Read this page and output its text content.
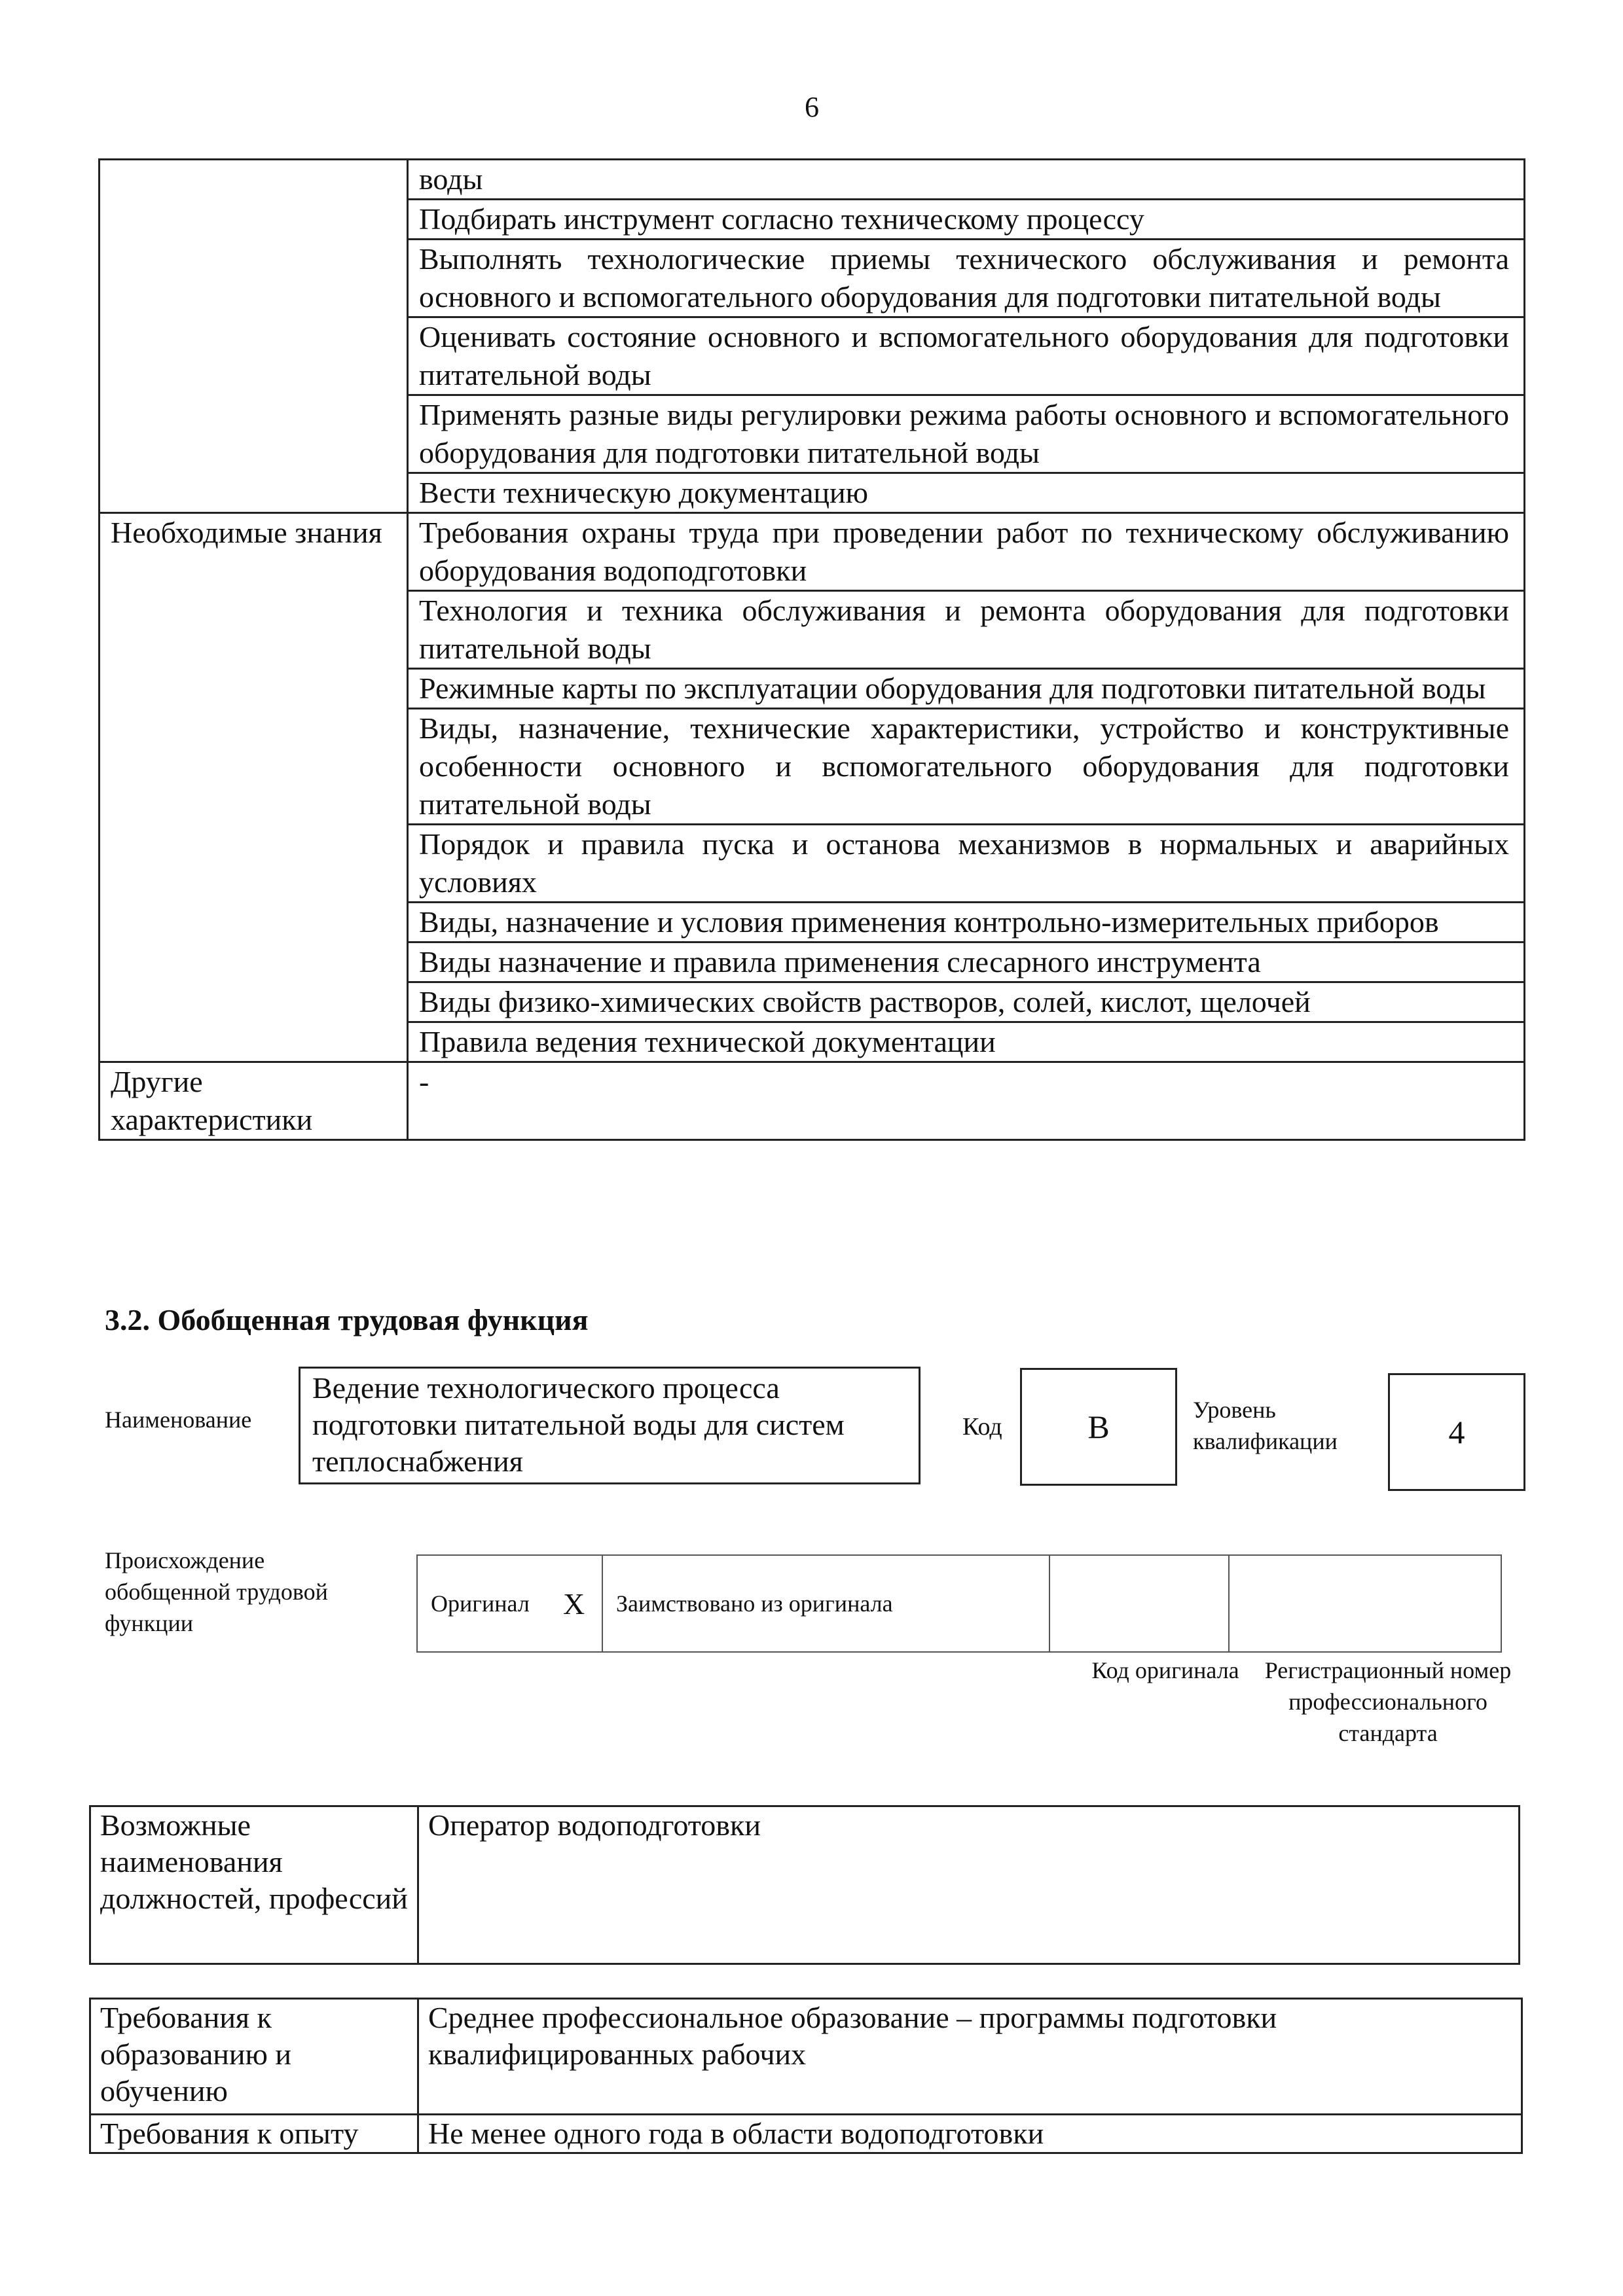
6
	воды
	Подбирать инструмент согласно техническому процессу
	Выполнять технологические приемы технического обслуживания и ремонта основного и вспомогательного оборудования для подготовки питательной воды
	Оценивать состояние основного и вспомогательного оборудования для подготовки питательной воды
	Применять разные виды регулировки режима работы основного и вспомогательного оборудования для подготовки питательной воды
	Вести техническую документацию
Необходимые знания	Требования охраны труда при проведении работ по техническому обслуживанию оборудования водоподготовки
	Технология и техника обслуживания и ремонта оборудования для подготовки питательной воды
	Режимные карты по эксплуатации оборудования для подготовки питательной воды
	Виды, назначение, технические характеристики, устройство и конструктивные особенности основного и вспомогательного оборудования для подготовки питательной воды
	Порядок и правила пуска и останова механизмов в нормальных и аварийных условиях
	Виды, назначение и условия применения контрольно-измерительных приборов
	Виды назначение и правила применения слесарного инструмента
	Виды физико-химических свойств растворов, солей, кислот, щелочей
	Правила ведения технической документации
Другие характеристики	-
3.2. Обобщенная трудовая функция
Наименование
Ведение технологического процесса подготовки питательной воды для систем теплоснабжения
Код	B	Уровень квалификации	4
Происхождение обобщенной трудовой функции
Оригинал	X	Заимствовано из оригинала		
Код оригинала	Регистрационный номер профессионального стандарта
Возможные наименования должностей, профессий	Оператор водоподготовки
Требования к образованию и обучению	Среднее профессиональное образование – программы подготовки квалифицированных рабочих
Требования к опыту	Не менее одного года в области водоподготовки
